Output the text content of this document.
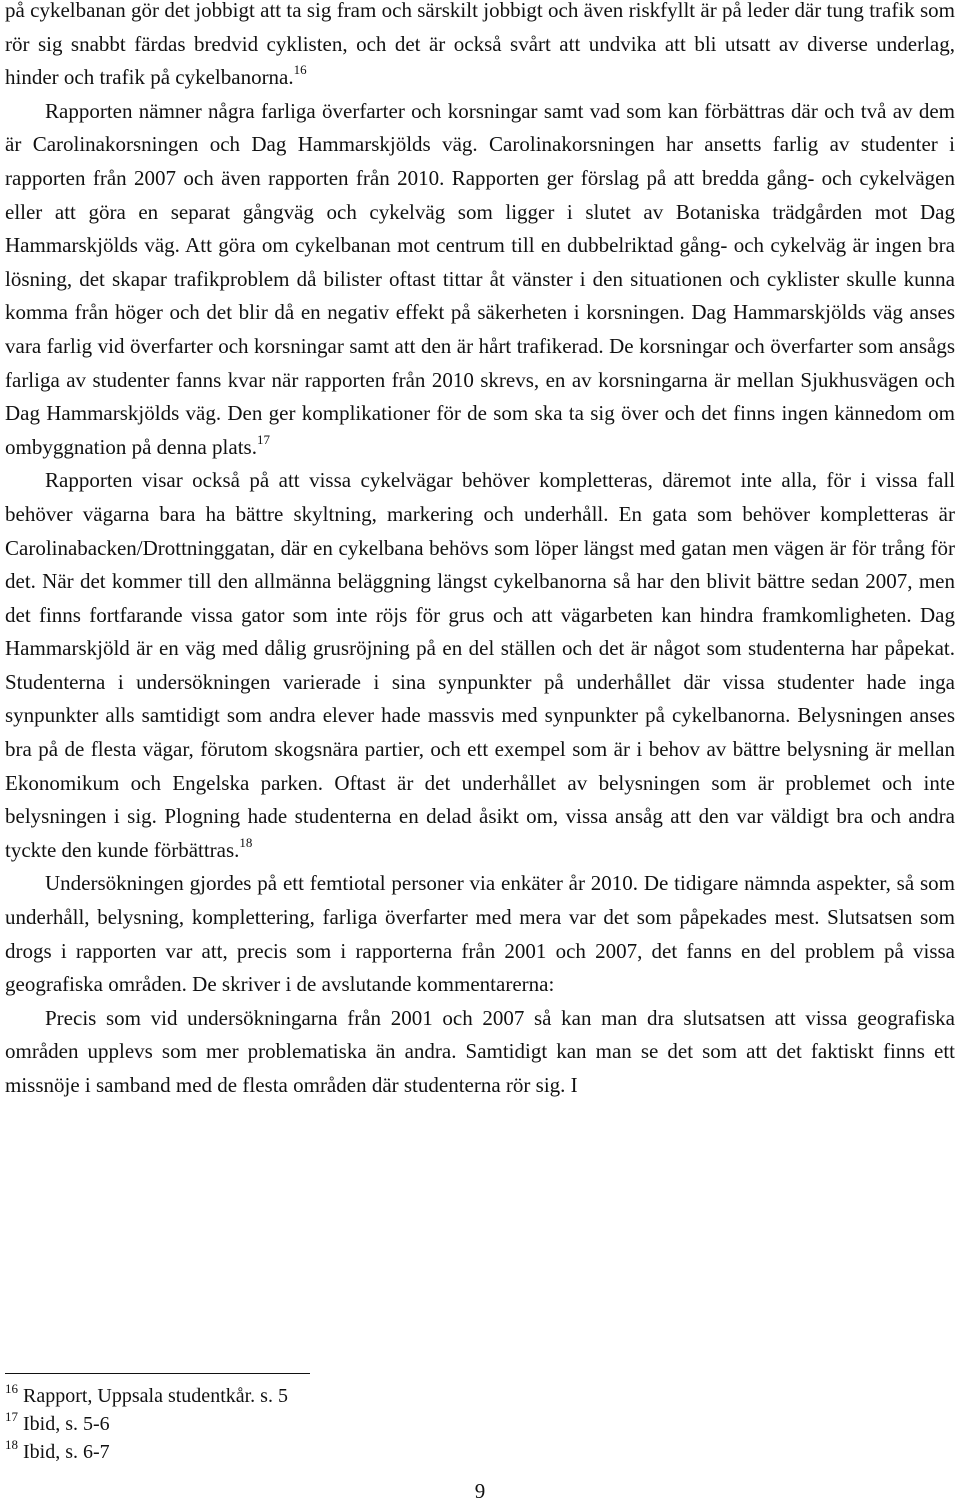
på cykelbanan gör det jobbigt att ta sig fram och särskilt jobbigt och även riskfyllt är på leder där tung trafik som rör sig snabbt färdas bredvid cyklisten, och det är också svårt att undvika att bli utsatt av diverse underlag, hinder och trafik på cykelbanorna.$^{16}$

Rapporten nämner några farliga överfarter och korsningar samt vad som kan förbättras där och två av dem är Carolinakorsningen och Dag Hammarskjölds väg. Carolinakorsningen har ansetts farlig av studenter i rapporten från 2007 och även rapporten från 2010. Rapporten ger förslag på att bredda gång- och cykelvägen eller att göra en separat gångväg och cykelväg som ligger i slutet av Botaniska trädgården mot Dag Hammarskjölds väg. Att göra om cykelbanan mot centrum till en dubbelriktad gång- och cykelväg är ingen bra lösning, det skapar trafikproblem då bilister oftast tittar åt vänster i den situationen och cyklister skulle kunna komma från höger och det blir då en negativ effekt på säkerheten i korsningen. Dag Hammarskjölds väg anses vara farlig vid överfarter och korsningar samt att den är hårt trafikerad. De korsningar och överfarter som ansågs farliga av studenter fanns kvar när rapporten från 2010 skrevs, en av korsningarna är mellan Sjukhusvägen och Dag Hammarskjölds väg. Den ger komplikationer för de som ska ta sig över och det finns ingen kännedom om ombyggnation på denna plats.$^{17}$

Rapporten visar också på att vissa cykelvägar behöver kompletteras, däremot inte alla, för i vissa fall behöver vägarna bara ha bättre skyltning, markering och underhåll. En gata som behöver kompletteras är Carolinabacken/Drottninggatan, där en cykelbana behövs som löper längst med gatan men vägen är för trång för det. När det kommer till den allmänna beläggning längst cykelbanorna så har den blivit bättre sedan 2007, men det finns fortfarande vissa gator som inte röjs för grus och att vägarbeten kan hindra framkomligheten. Dag Hammarskjöld är en väg med dålig grusröjning på en del ställen och det är något som studenterna har påpekat. Studenterna i undersökningen varierade i sina synpunkter på underhållet där vissa studenter hade inga synpunkter alls samtidigt som andra elever hade massvis med synpunkter på cykelbanorna. Belysningen anses bra på de flesta vägar, förutom skogsnära partier, och ett exempel som är i behov av bättre belysning är mellan Ekonomikum och Engelska parken. Oftast är det underhållet av belysningen som är problemet och inte belysningen i sig. Plogning hade studenterna en delad åsikt om, vissa ansåg att den var väldigt bra och andra tyckte den kunde förbättras.$^{18}$

Undersökningen gjordes på ett femtiotal personer via enkäter år 2010. De tidigare nämnda aspekter, så som underhåll, belysning, komplettering, farliga överfarter med mera var det som påpekades mest. Slutsatsen som drogs i rapporten var att, precis som i rapporterna från 2001 och 2007, det fanns en del problem på vissa geografiska områden. De skriver i de avslutande kommentarerna:

Precis som vid undersökningarna från 2001 och 2007 så kan man dra slutsatsen att vissa geografiska områden upplevs som mer problematiska än andra. Samtidigt kan man se det som att det faktiskt finns ett missnöje i samband med de flesta områden där studenterna rör sig. I

$^{16}$ Rapport, Uppsala studentkår. s. 5
$^{17}$ Ibid, s. 5-6
$^{18}$ Ibid, s. 6-7
9
